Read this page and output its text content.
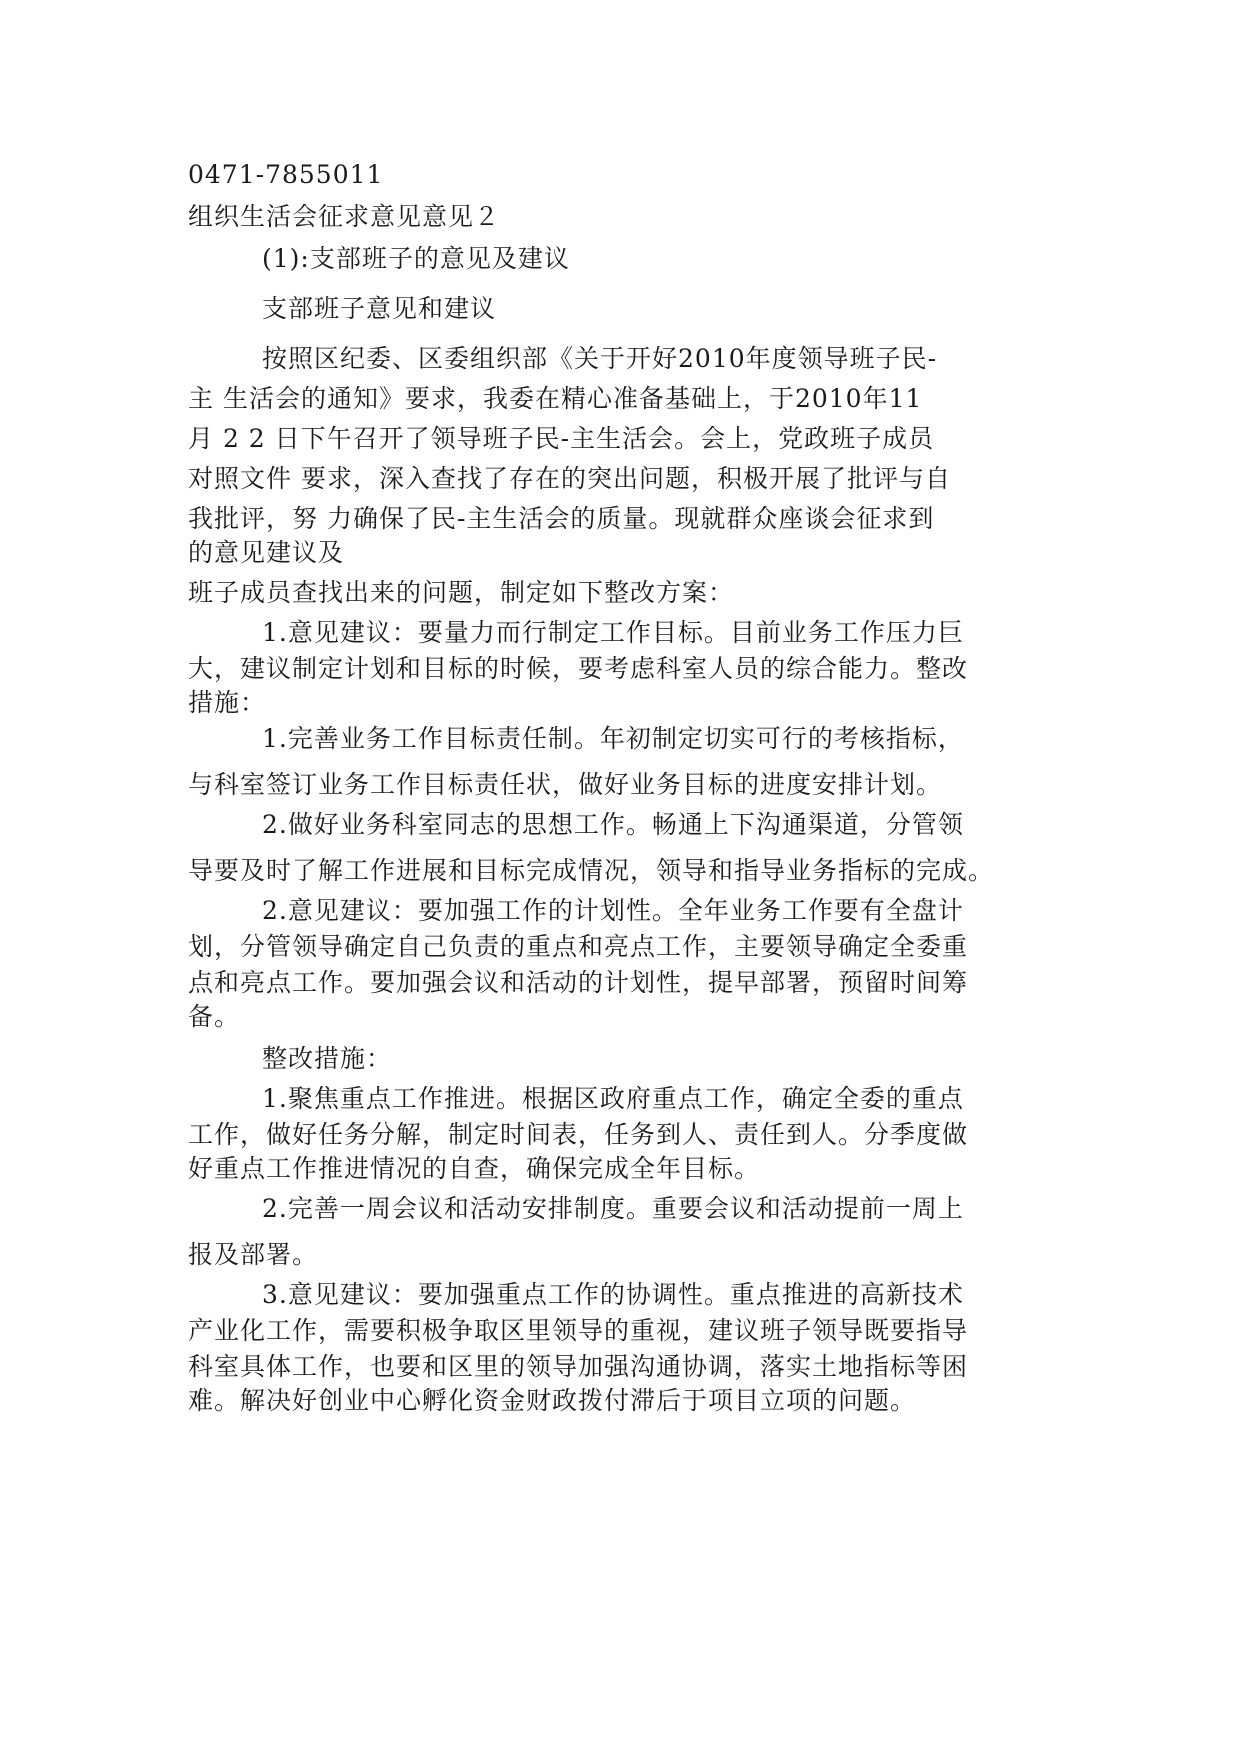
0471-7855011
组织生活会征求意见意见２
(1):支部班子的意见及建议
支部班子意见和建议
按照区纪委、区委组织部《关于开好2010年度领导班子民-
主 生活会的通知》要求，我委在精心准备基础上，于2010年11
月 2 2 日下午召开了领导班子民-主生活会。会上，党政班子成员
对照文件 要求，深入查找了存在的突出问题，积极开展了批评与自
我批评，努 力确保了民-主生活会的质量。现就群众座谈会征求到
的意见建议及
班子成员查找出来的问题，制定如下整改方案：
1.意见建议：要量力而行制定工作目标。目前业务工作压力巨
大，建议制定计划和目标的时候，要考虑科室人员的综合能力。整改
措施：
1.完善业务工作目标责任制。年初制定切实可行的考核指标，
与科室签订业务工作目标责任状，做好业务目标的进度安排计划。
2.做好业务科室同志的思想工作。畅通上下沟通渠道，分管领
导要及时了解工作进展和目标完成情况，领导和指导业务指标的完成。
2.意见建议：要加强工作的计划性。全年业务工作要有全盘计
划，分管领导确定自己负责的重点和亮点工作，主要领导确定全委重
点和亮点工作。要加强会议和活动的计划性，提早部署，预留时间筹
备。
整改措施：
1.聚焦重点工作推进。根据区政府重点工作，确定全委的重点
工作，做好任务分解，制定时间表，任务到人、责任到人。分季度做
好重点工作推进情况的自查，确保完成全年目标。
2.完善一周会议和活动安排制度。重要会议和活动提前一周上
报及部署。
3.意见建议：要加强重点工作的协调性。重点推进的高新技术
产业化工作，需要积极争取区里领导的重视，建议班子领导既要指导
科室具体工作，也要和区里的领导加强沟通协调，落实土地指标等困
难。解决好创业中心孵化资金财政拨付滞后于项目立项的问题。
